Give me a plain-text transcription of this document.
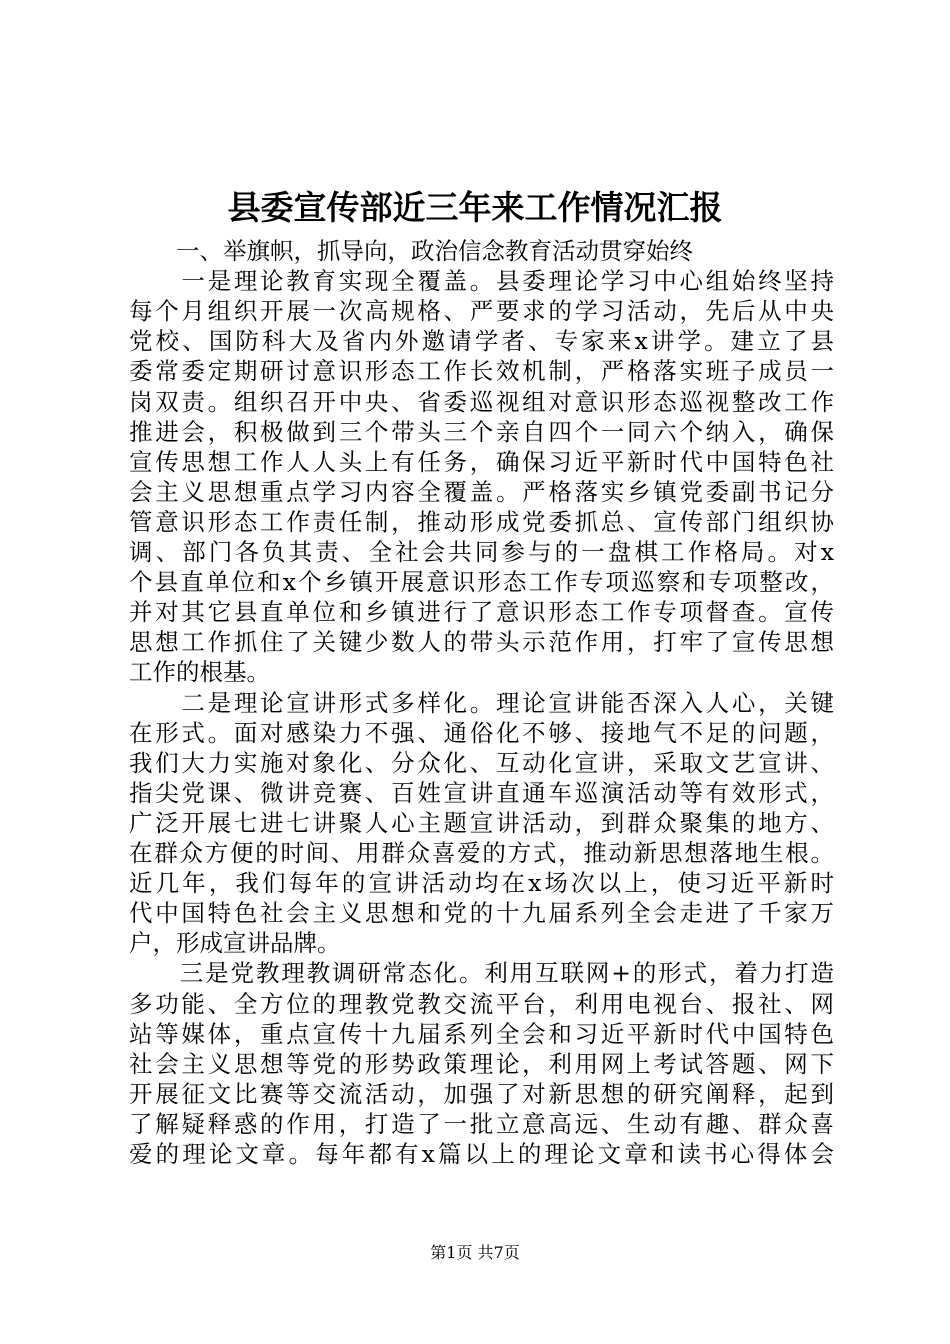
县委宣传部近三年来工作情况汇报
　　一、举旗帜，抓导向，政治信念教育活动贯穿始终
　　一是理论教育实现全覆盖。县委理论学习中心组始终坚持
每个月组织开展一次高规格、严要求的学习活动，先后从中央
党校、国防科大及省内外邀请学者、专家来x讲学。建立了县
委常委定期研讨意识形态工作长效机制，严格落实班子成员一
岗双责。组织召开中央、省委巡视组对意识形态巡视整改工作
推进会，积极做到三个带头三个亲自四个一同六个纳入，确保
宣传思想工作人人头上有任务，确保习近平新时代中国特色社
会主义思想重点学习内容全覆盖。严格落实乡镇党委副书记分
管意识形态工作责任制，推动形成党委抓总、宣传部门组织协
调、部门各负其责、全社会共同参与的一盘棋工作格局。对x
个县直单位和x个乡镇开展意识形态工作专项巡察和专项整改，
并对其它县直单位和乡镇进行了意识形态工作专项督查。宣传
思想工作抓住了关键少数人的带头示范作用，打牢了宣传思想
工作的根基。
　　二是理论宣讲形式多样化。理论宣讲能否深入人心，关键
在形式。面对感染力不强、通俗化不够、接地气不足的问题，
我们大力实施对象化、分众化、互动化宣讲，采取文艺宣讲、
指尖党课、微讲竞赛、百姓宣讲直通车巡演活动等有效形式，
广泛开展七进七讲聚人心主题宣讲活动，到群众聚集的地方、
在群众方便的时间、用群众喜爱的方式，推动新思想落地生根。
近几年，我们每年的宣讲活动均在x场次以上，使习近平新时
代中国特色社会主义思想和党的十九届系列全会走进了千家万
户，形成宣讲品牌。
　　三是党教理教调研常态化。利用互联网+的形式，着力打造
多功能、全方位的理教党教交流平台，利用电视台、报社、网
站等媒体，重点宣传十九届系列全会和习近平新时代中国特色
社会主义思想等党的形势政策理论，利用网上考试答题、网下
开展征文比赛等交流活动，加强了对新思想的研究阐释，起到
了解疑释惑的作用，打造了一批立意高远、生动有趣、群众喜
爱的理论文章。每年都有x篇以上的理论文章和读书心得体会
第1页 共7页
